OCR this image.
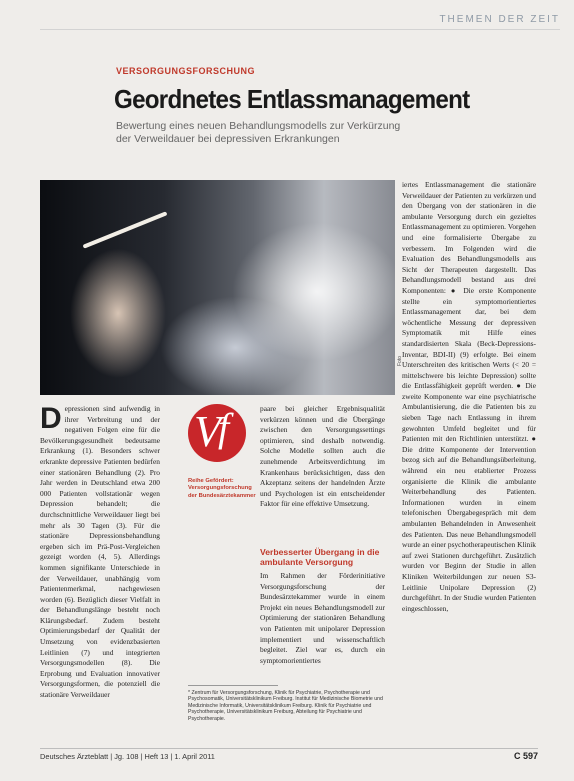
THEMEN DER ZEIT
VERSORGUNGSFORSCHUNG
Geordnetes Entlassmanagement
Bewertung eines neuen Behandlungsmodells zur Verkürzung der Verweildauer bei depressiven Erkrankungen
Foto
D epressionen sind aufwendig in ihrer Verbreitung und der negativen Folgen eine für die Bevölkerungsgesundheit bedeutsame Erkrankung (1). Besonders schwer erkrankte depressive Patienten bedürfen einer stationären Behandlung (2). Pro Jahr werden in Deutschland etwa 200 000 Patienten vollstationär wegen Depression behandelt; die durchschnittliche Verweildauer liegt bei mehr als 30 Tagen (3). Für die stationäre Depressionsbehandlung ergeben sich im Prä-Post-Vergleichen gezeigt worden (4, 5). Allerdings kommen signifikante Unterschiede in der Verweildauer, unabhängig vom Patientenmerkmal, nachgewiesen worden (6). Bezüglich dieser Vielfalt in der Behandlungslänge besteht noch Klärungsbedarf. Zudem besteht Optimierungsbedarf der Qualität der Umsetzung von evidenzbasierten Leitlinien (7) und integrierten Versorgungsmodellen (8). Die Erprobung und Evaluation innovativer Versorgungsformen, die potenziell die stationäre Verweildauer

V
f
Reihe Gefördert: Versorgungsforschung der Bundesärztekammer

paare bei gleicher Ergebnisqualität verkürzen können und die Übergänge zwischen den Versorgungssettings optimieren, sind deshalb notwendig. Solche Modelle sollten auch die zunehmende Arbeitsverdichtung im Krankenhaus berücksichtigen, dass den Akzeptanz seitens der handelnden Ärzte und Psychologen ist ein entscheidender Faktor für eine effektive Umsetzung.

Verbesserter Übergang in die ambulante Versorgung

Im Rahmen der Förderinitiative Versorgungsforschung der Bundesärztekammer wurde in einem Projekt ein neues Behandlungsmodell zur Optimierung der stationären Behandlung von Patienten mit unipolarer Depression implementiert und wissenschaftlich begleitet. Ziel war es, durch ein symptomorientiertes

iertes Entlassmanagement die stationäre Verweildauer der Patienten zu verkürzen und den Übergang von der stationären in die ambulante Versorgung durch ein gezieltes Entlassmanagement zu optimieren. Vorgehen und eine formalisierte Übergabe zu verbessern. Im Folgenden wird die Evaluation des Behandlungsmodells aus Sicht der Therapeuten dargestellt. Das Behandlungsmodell bestand aus drei Komponenten: ● Die erste Komponente stellte ein symptomorientiertes Entlassmanagement dar, bei dem wöchentliche Messung der depressiven Symptomatik mit Hilfe eines standardisierten Skala (Beck-Depressions-Inventar, BDI-II) (9) erfolgte. Bei einem Unterschreiten des kritischen Werts (< 20 = mittelschwere bis leichte Depression) sollte die Entlassfähigkeit geprüft werden. ● Die zweite Komponente war eine psychiatrische Ambulantisierung, die die Patienten bis zu sieben Tage nach Entlassung in ihrem gewohnten Umfeld begleitet und für Patienten mit den Richtlinien unterstützt. ● Die dritte Komponente der Intervention bezog sich auf die Behandlungsüberleitung, während ein neu etablierter Prozess organisierte die Klinik die ambulante Weiterbehandlung des Patienten. Informationen wurden in einem telefonischen Übergabegespräch mit dem ambulanten Behandelnden in Anwesenheit des Patienten. Das neue Behandlungsmodell wurde an einer psychotherapeutischen Klinik auf zwei Stationen durchgeführt. Zusätzlich wurden vor Beginn der Studie in allen Kliniken Weiterbildungen zur neuen S3-Leitlinie Unipolare Depression (2) durchgeführt. In der Studie wurden Patienten eingeschlossen,

* Zentrum für Versorgungsforschung, Klinik für Psychiatrie, Psychotherapie und Psychosomatik, Universitätsklinikum Freiburg. Institut für Medizinische Biometrie und Medizinische Informatik, Universitätsklinikum Freiburg. Klinik für Psychiatrie und Psychotherapie, Universitätsklinikum Freiburg, Abteilung für Psychiatrie und Psychotherapie.
Deutsches Ärzteblatt | Jg. 108 | Heft 13 | 1. April 2011	C 597
